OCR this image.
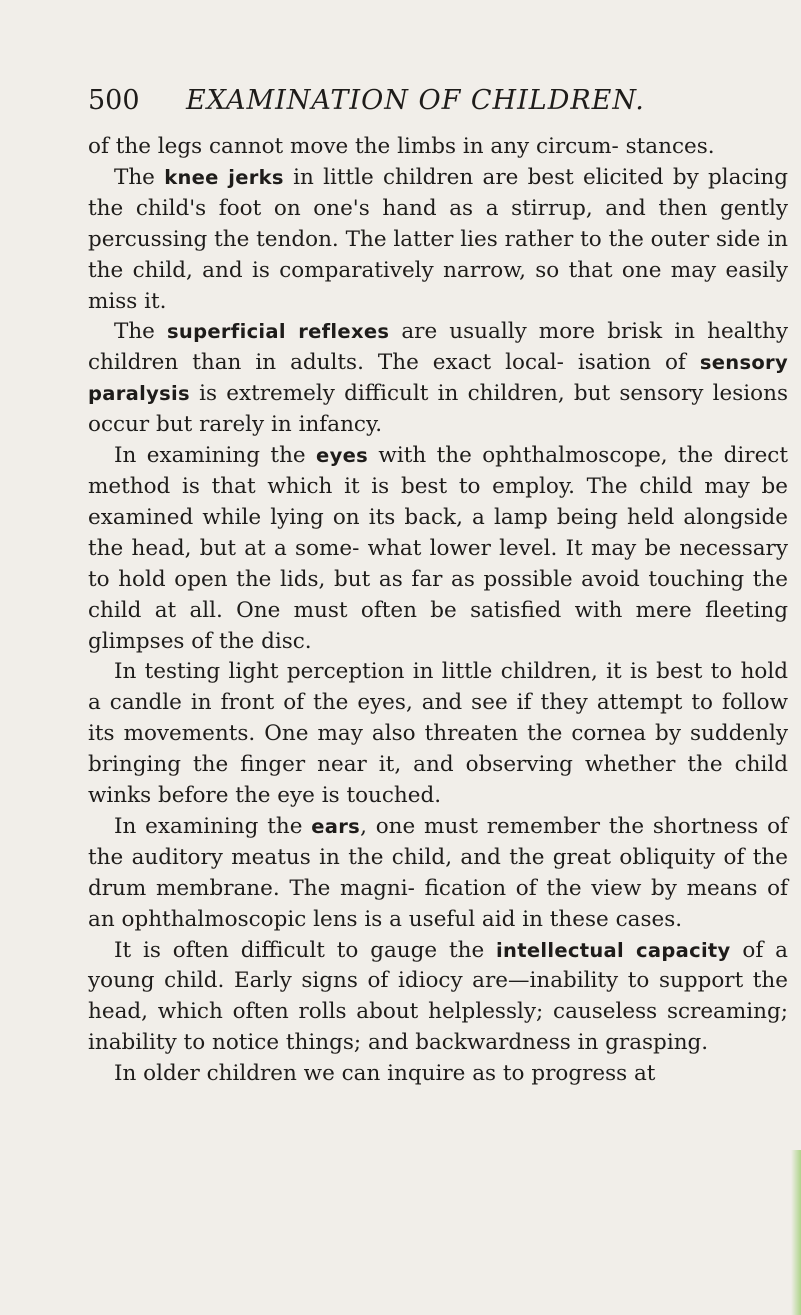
500 EXAMINATION OF CHILDREN.

of the legs cannot move the limbs in any circum- stances.

The knee jerks in little children are best elicited by placing the child's foot on one's hand as a stirrup, and then gently percussing the tendon. The latter lies rather to the outer side in the child, and is comparatively narrow, so that one may easily miss it.

The superficial reflexes are usually more brisk in healthy children than in adults. The exact local- isation of sensory paralysis is extremely difficult in children, but sensory lesions occur but rarely in infancy.

In examining the eyes with the ophthalmoscope, the direct method is that which it is best to employ. The child may be examined while lying on its back, a lamp being held alongside the head, but at a some- what lower level. It may be necessary to hold open the lids, but as far as possible avoid touching the child at all. One must often be satisfied with mere fleeting glimpses of the disc.

In testing light perception in little children, it is best to hold a candle in front of the eyes, and see if they attempt to follow its movements. One may also threaten the cornea by suddenly bringing the finger near it, and observing whether the child winks before the eye is touched.

In examining the ears, one must remember the shortness of the auditory meatus in the child, and the great obliquity of the drum membrane. The magni- fication of the view by means of an ophthalmoscopic lens is a useful aid in these cases.

It is often difficult to gauge the intellectual capacity of a young child. Early signs of idiocy are—inability to support the head, which often rolls about helplessly; causeless screaming; inability to notice things; and backwardness in grasping.

In older children we can inquire as to progress at
